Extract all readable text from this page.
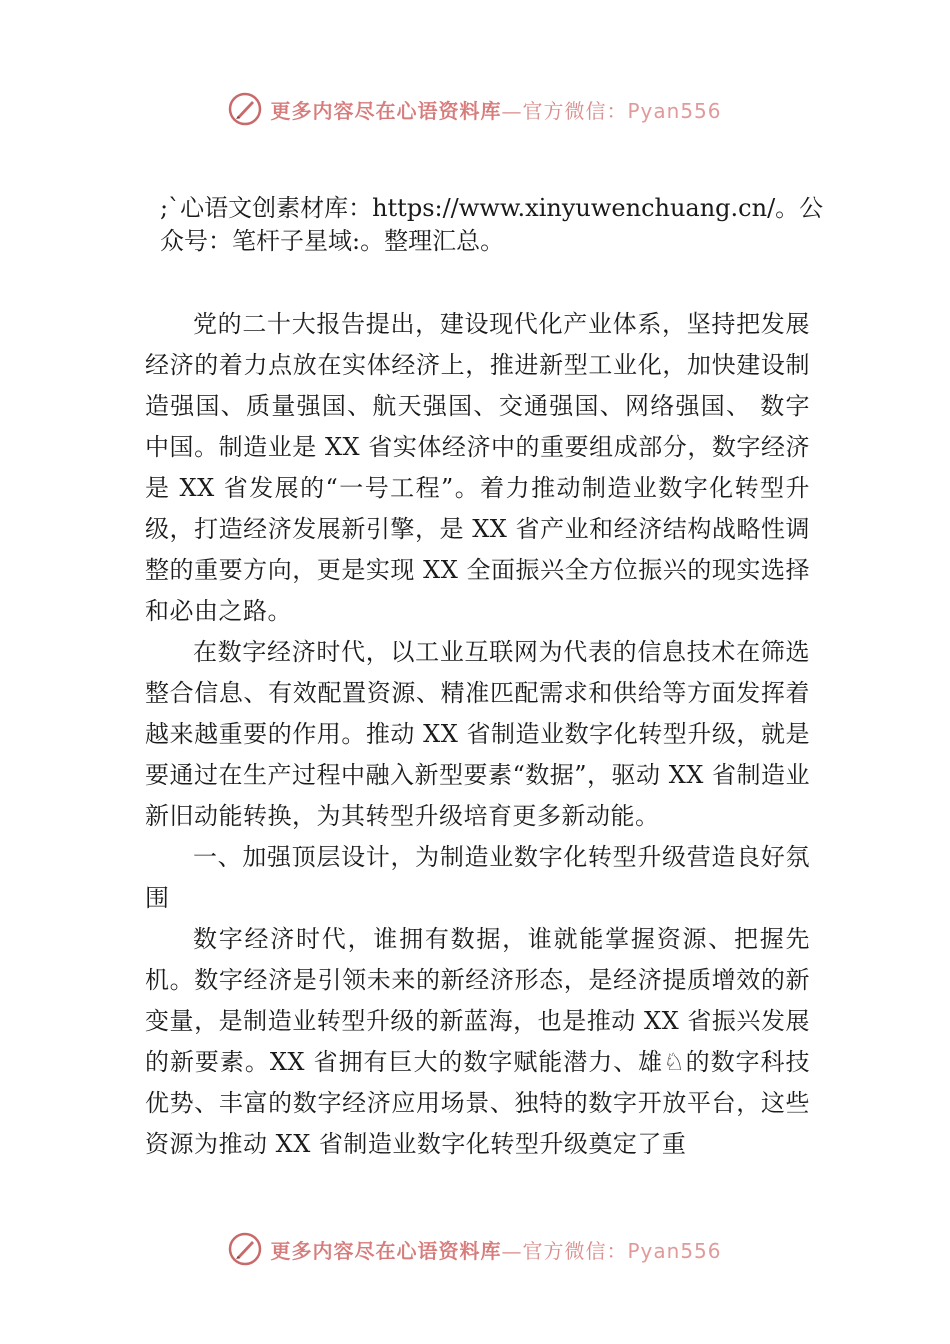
更多内容尽在心语资料库—官方微信：Pyan556
;`心语文创素材库：https://www.xinyuwenchuang.cn/。公众号：笔杆子星域:。整理汇总。

党的二十大报告提出，建设现代化产业体系，坚持把发展经济的着力点放在实体经济上，推进新型工业化，加快建设制造强国、质量强国、航天强国、交通强国、网络强国、 数字中国。制造业是 XX 省实体经济中的重要组成部分，数字经济是 XX 省发展的“一号工程”。着力推动制造业数字化转型升级，打造经济发展新引擎，是 XX 省产业和经济结构战略性调整的重要方向，更是实现 XX 全面振兴全方位振兴的现实选择和必由之路。

在数字经济时代，以工业互联网为代表的信息技术在筛选整合信息、有效配置资源、精准匹配需求和供给等方面发挥着越来越重要的作用。推动 XX 省制造业数字化转型升级，就是要通过在生产过程中融入新型要素“数据”，驱动 XX 省制造业新旧动能转换，为其转型升级培育更多新动能。

一、加强顶层设计，为制造业数字化转型升级营造良好氛围

数字经济时代，谁拥有数据，谁就能掌握资源、把握先机。数字经济是引领未来的新经济形态，是经济提质增效的新变量，是制造业转型升级的新蓝海，也是推动 XX 省振兴发展的新要素。XX 省拥有巨大的数字赋能潜力、雄♘的数字科技优势、丰富的数字经济应用场景、独特的数字开放平台，这些资源为推动 XX 省制造业数字化转型升级奠定了重

更多内容尽在心语资料库—官方微信：Pyan556
